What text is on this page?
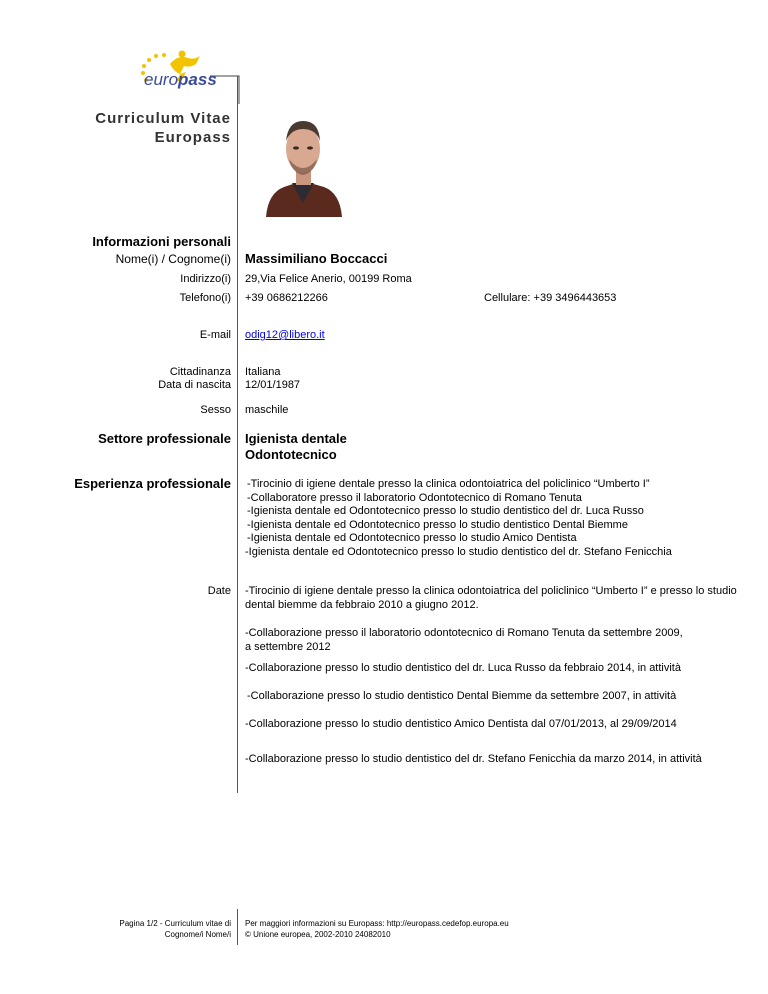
europass
Curriculum Vitae
Europass
Informazioni personali
Nome(i) / Cognome(i) Massimiliano Boccacci
Indirizzo(i) 29,Via Felice Anerio, 00199 Roma
Telefono(i) +39 0686212266	Cellulare: +39 3496443653
E-mail odig12@libero.it
Cittadinanza Italiana
Data di nascita 12/01/1987
Sesso maschile
Settore professionale Igienista dentale
Odontotecnico
Esperienza professionale -Tirocinio di igiene dentale presso la clinica odontoiatrica del policlinico “Umberto I”
-Collaboratore presso il laboratorio Odontotecnico di Romano Tenuta
-Igienista dentale ed Odontotecnico presso lo studio dentistico del dr. Luca Russo
-Igienista dentale ed Odontotecnico presso lo studio dentistico Dental Biemme
-Igienista dentale ed Odontotecnico presso lo studio Amico Dentista
-Igienista dentale ed Odontotecnico presso lo studio dentistico del dr. Stefano Fenicchia
Date -Tirocinio di igiene dentale presso la clinica odontoiatrica del policlinico “Umberto I” e presso lo studio
dental biemme da febbraio 2010 a giugno 2012.
-Collaborazione presso il laboratorio odontotecnico di Romano Tenuta da settembre 2009,
a settembre 2012
-Collaborazione presso lo studio dentistico del dr. Luca Russo da febbraio 2014, in attività
-Collaborazione presso lo studio dentistico Dental Biemme da settembre 2007, in attività
-Collaborazione presso lo studio dentistico Amico Dentista dal 07/01/2013, al 29/09/2014
-Collaborazione presso lo studio dentistico del dr. Stefano Fenicchia da marzo 2014, in attività
Pagina 1/2 - Curriculum vitae di
Cognome/i Nome/i
Per maggiori informazioni su Europass: http://europass.cedefop.europa.eu
© Unione europea, 2002-2010 24082010
